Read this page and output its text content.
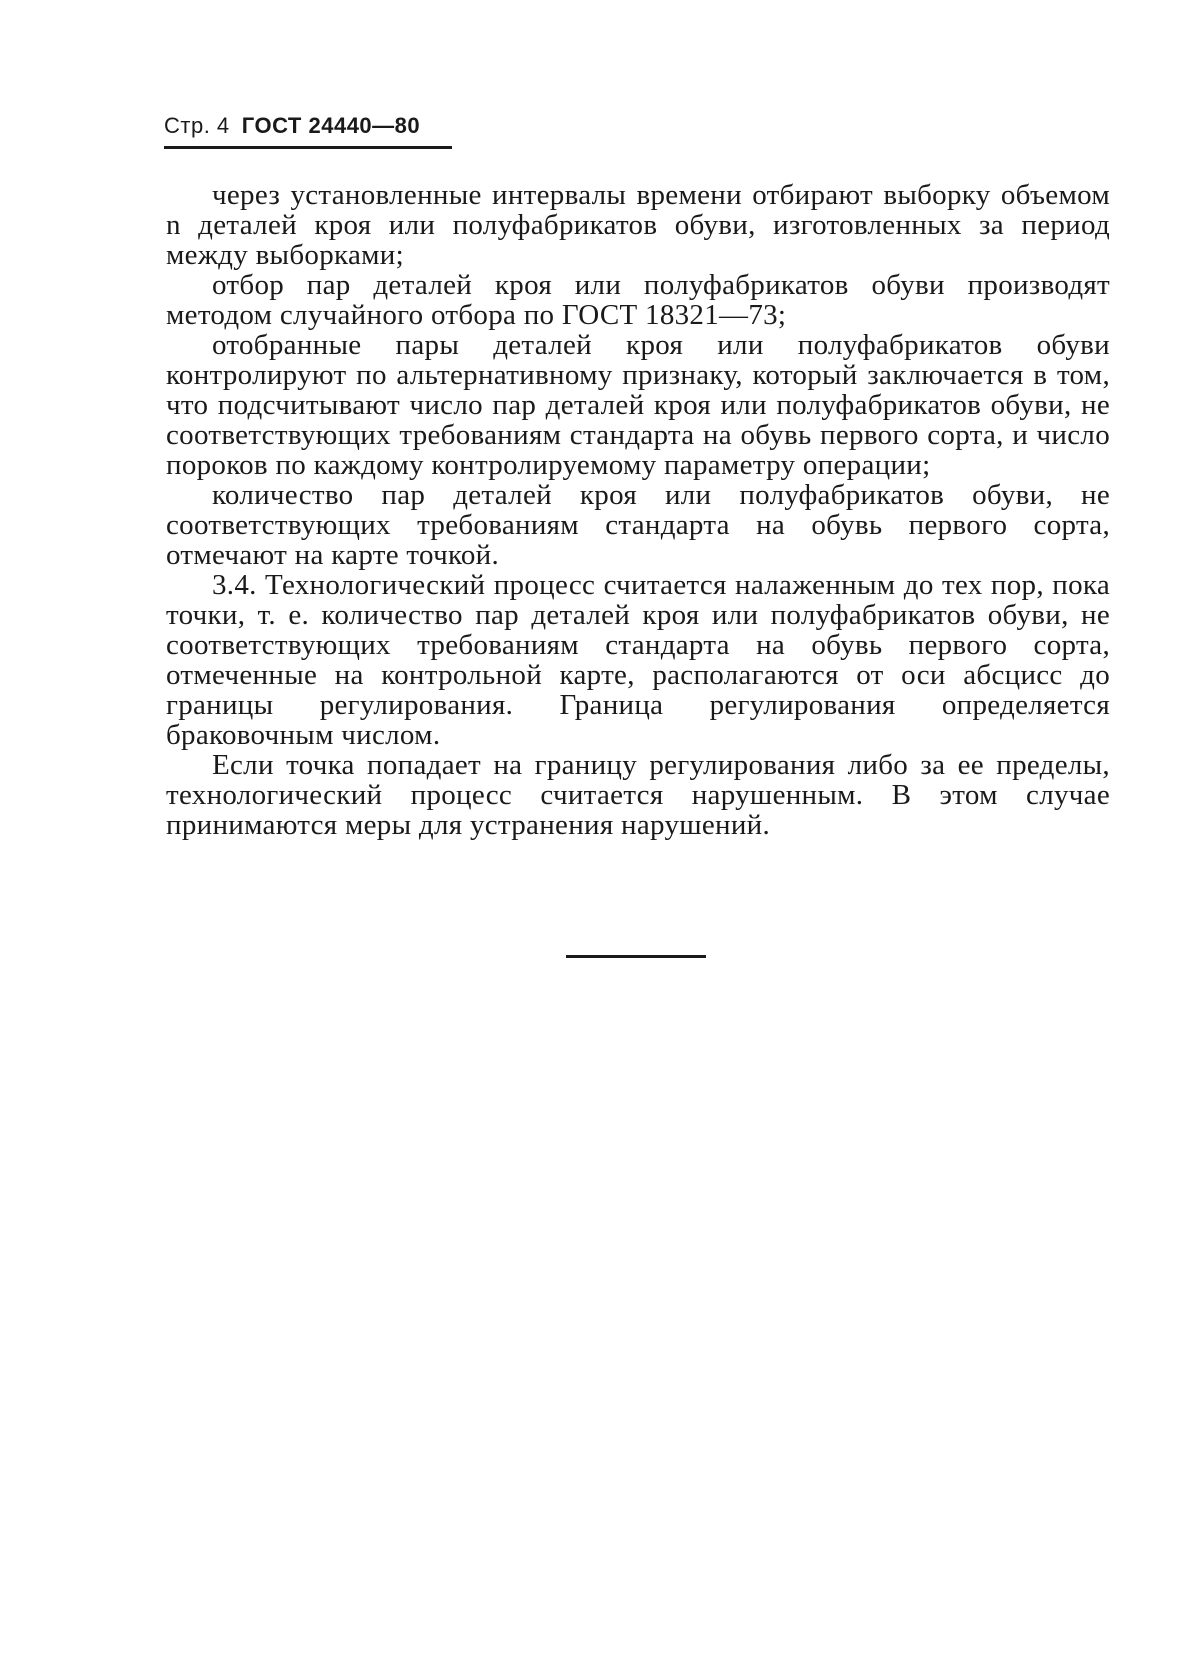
Стр. 4 ГОСТ 24440—80

через установленные интервалы времени отбирают выборку объемом n деталей кроя или полуфабрикатов обуви, изготовленных за период между выборками;

отбор пар деталей кроя или полуфабрикатов обуви производят методом случайного отбора по ГОСТ 18321—73;

отобранные пары деталей кроя или полуфабрикатов обуви контролируют по альтернативному признаку, который заключается в том, что подсчитывают число пар деталей кроя или полуфабрикатов обуви, не соответствующих требованиям стандарта на обувь первого сорта, и число пороков по каждому контролируемому параметру операции;

количество пар деталей кроя или полуфабрикатов обуви, не соответствующих требованиям стандарта на обувь первого сорта, отмечают на карте точкой.

3.4. Технологический процесс считается налаженным до тех пор, пока точки, т. е. количество пар деталей кроя или полуфабрикатов обуви, не соответствующих требованиям стандарта на обувь первого сорта, отмеченные на контрольной карте, располагаются от оси абсцисс до границы регулирования. Граница регулирования определяется браковочным числом.

Если точка попадает на границу регулирования либо за ее пределы, технологический процесс считается нарушенным. В этом случае принимаются меры для устранения нарушений.
